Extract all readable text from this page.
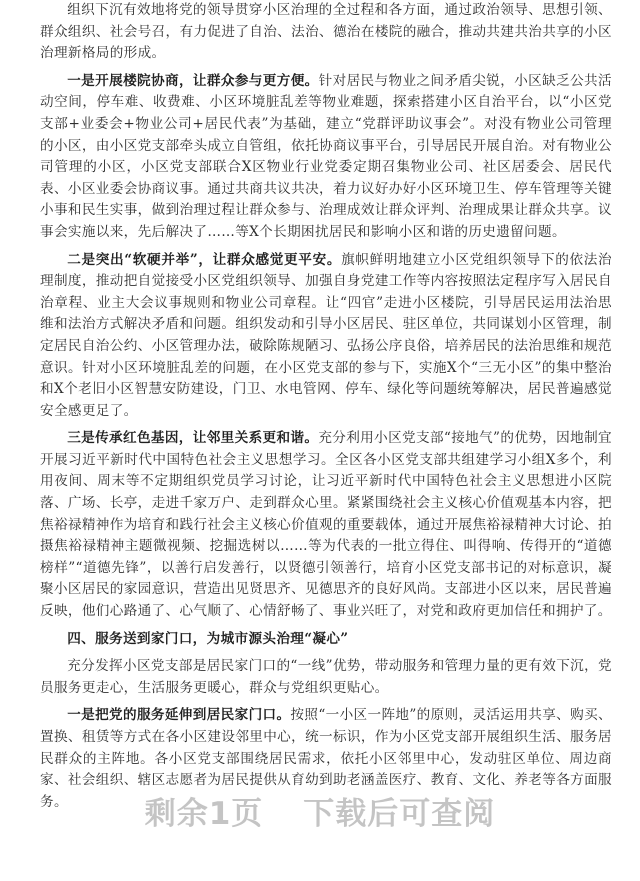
组织下沉有效地将党的领导贯穿小区治理的全过程和各方面，通过政治领导、思想引领、群众组织、社会号召，有力促进了自治、法治、德治在楼院的融合，推动共建共治共享的小区治理新格局的形成。

一是开展楼院协商，让群众参与更方便。针对居民与物业之间矛盾尖锐，小区缺乏公共活动空间，停车难、收费难、小区环境脏乱差等物业难题，探索搭建小区自治平台，以“小区党支部+业委会+物业公司+居民代表”为基础，建立“党群评助议事会”。对没有物业公司管理的小区，由小区党支部牵头成立自管组，依托协商议事平台，引导居民开展自治。对有物业公司管理的小区，小区党支部联合X区物业行业党委定期召集物业公司、社区居委会、居民代表、小区业委会协商议事。通过共商共议共决，着力议好办好小区环境卫生、停车管理等关键小事和民生实事，做到治理过程让群众参与、治理成效让群众评判、治理成果让群众共享。议事会实施以来，先后解决了……等X个长期困扰居民和影响小区和谐的历史遗留问题。

二是突出“软硬并举”，让群众感觉更平安。旗帜鲜明地建立小区党组织领导下的依法治理制度，推动把自觉接受小区党组织领导、加强自身党建工作等内容按照法定程序写入居民自治章程、业主大会议事规则和物业公司章程。让“四官”走进小区楼院，引导居民运用法治思维和法治方式解决矛盾和问题。组织发动和引导小区居民、驻区单位，共同谋划小区管理，制定居民自治公约、小区管理办法，破除陈规陋习、弘扬公序良俗，培养居民的法治思维和规范意识。针对小区环境脏乱差的问题，在小区党支部的参与下，实施X个“三无小区”的集中整治和X个老旧小区智慧安防建设，门卫、水电管网、停车、绿化等问题统筹解决，居民普遍感觉安全感更足了。

三是传承红色基因，让邻里关系更和谐。充分利用小区党支部“接地气”的优势，因地制宜开展习近平新时代中国特色社会主义思想学习。全区各小区党支部共组建学习小组X多个，利用夜间、周末等不定期组织党员学习讨论，让习近平新时代中国特色社会主义思想进小区院落、广场、长亭，走进千家万户、走到群众心里。紧紧围绕社会主义核心价值观基本内容，把焦裕禄精神作为培育和践行社会主义核心价值观的重要载体，通过开展焦裕禄精神大讨论、拍摄焦裕禄精神主题微视频、挖掘选树以……等为代表的一批立得住、叫得响、传得开的“道德榜样”“道德先锋”，以善行启发善行，以贤德引领善行，培育小区党支部书记的对标意识，凝聚小区居民的家园意识，营造出见贤思齐、见德思齐的良好风尚。支部进小区以来，居民普遍反映，他们心路通了、心气顺了、心情舒畅了、事业兴旺了，对党和政府更加信任和拥护了。

四、服务送到家门口，为城市源头治理“凝心”

充分发挥小区党支部是居民家门口的“一线”优势，带动服务和管理力量的更有效下沉，党员服务更走心，生活服务更暖心，群众与党组织更贴心。

一是把党的服务延伸到居民家门口。按照“一小区一阵地”的原则，灵活运用共享、购买、置换、租赁等方式在各小区建设邻里中心，统一标识，作为小区党支部开展组织生活、服务居民群众的主阵地。各小区党支部围绕居民需求，依托小区邻里中心，发动驻区单位、周边商家、社会组织、辖区志愿者为居民提供从育幼到助老涵盖医疗、教育、文化、养老等各方面服务。	剩余1页 下载后可查阅
